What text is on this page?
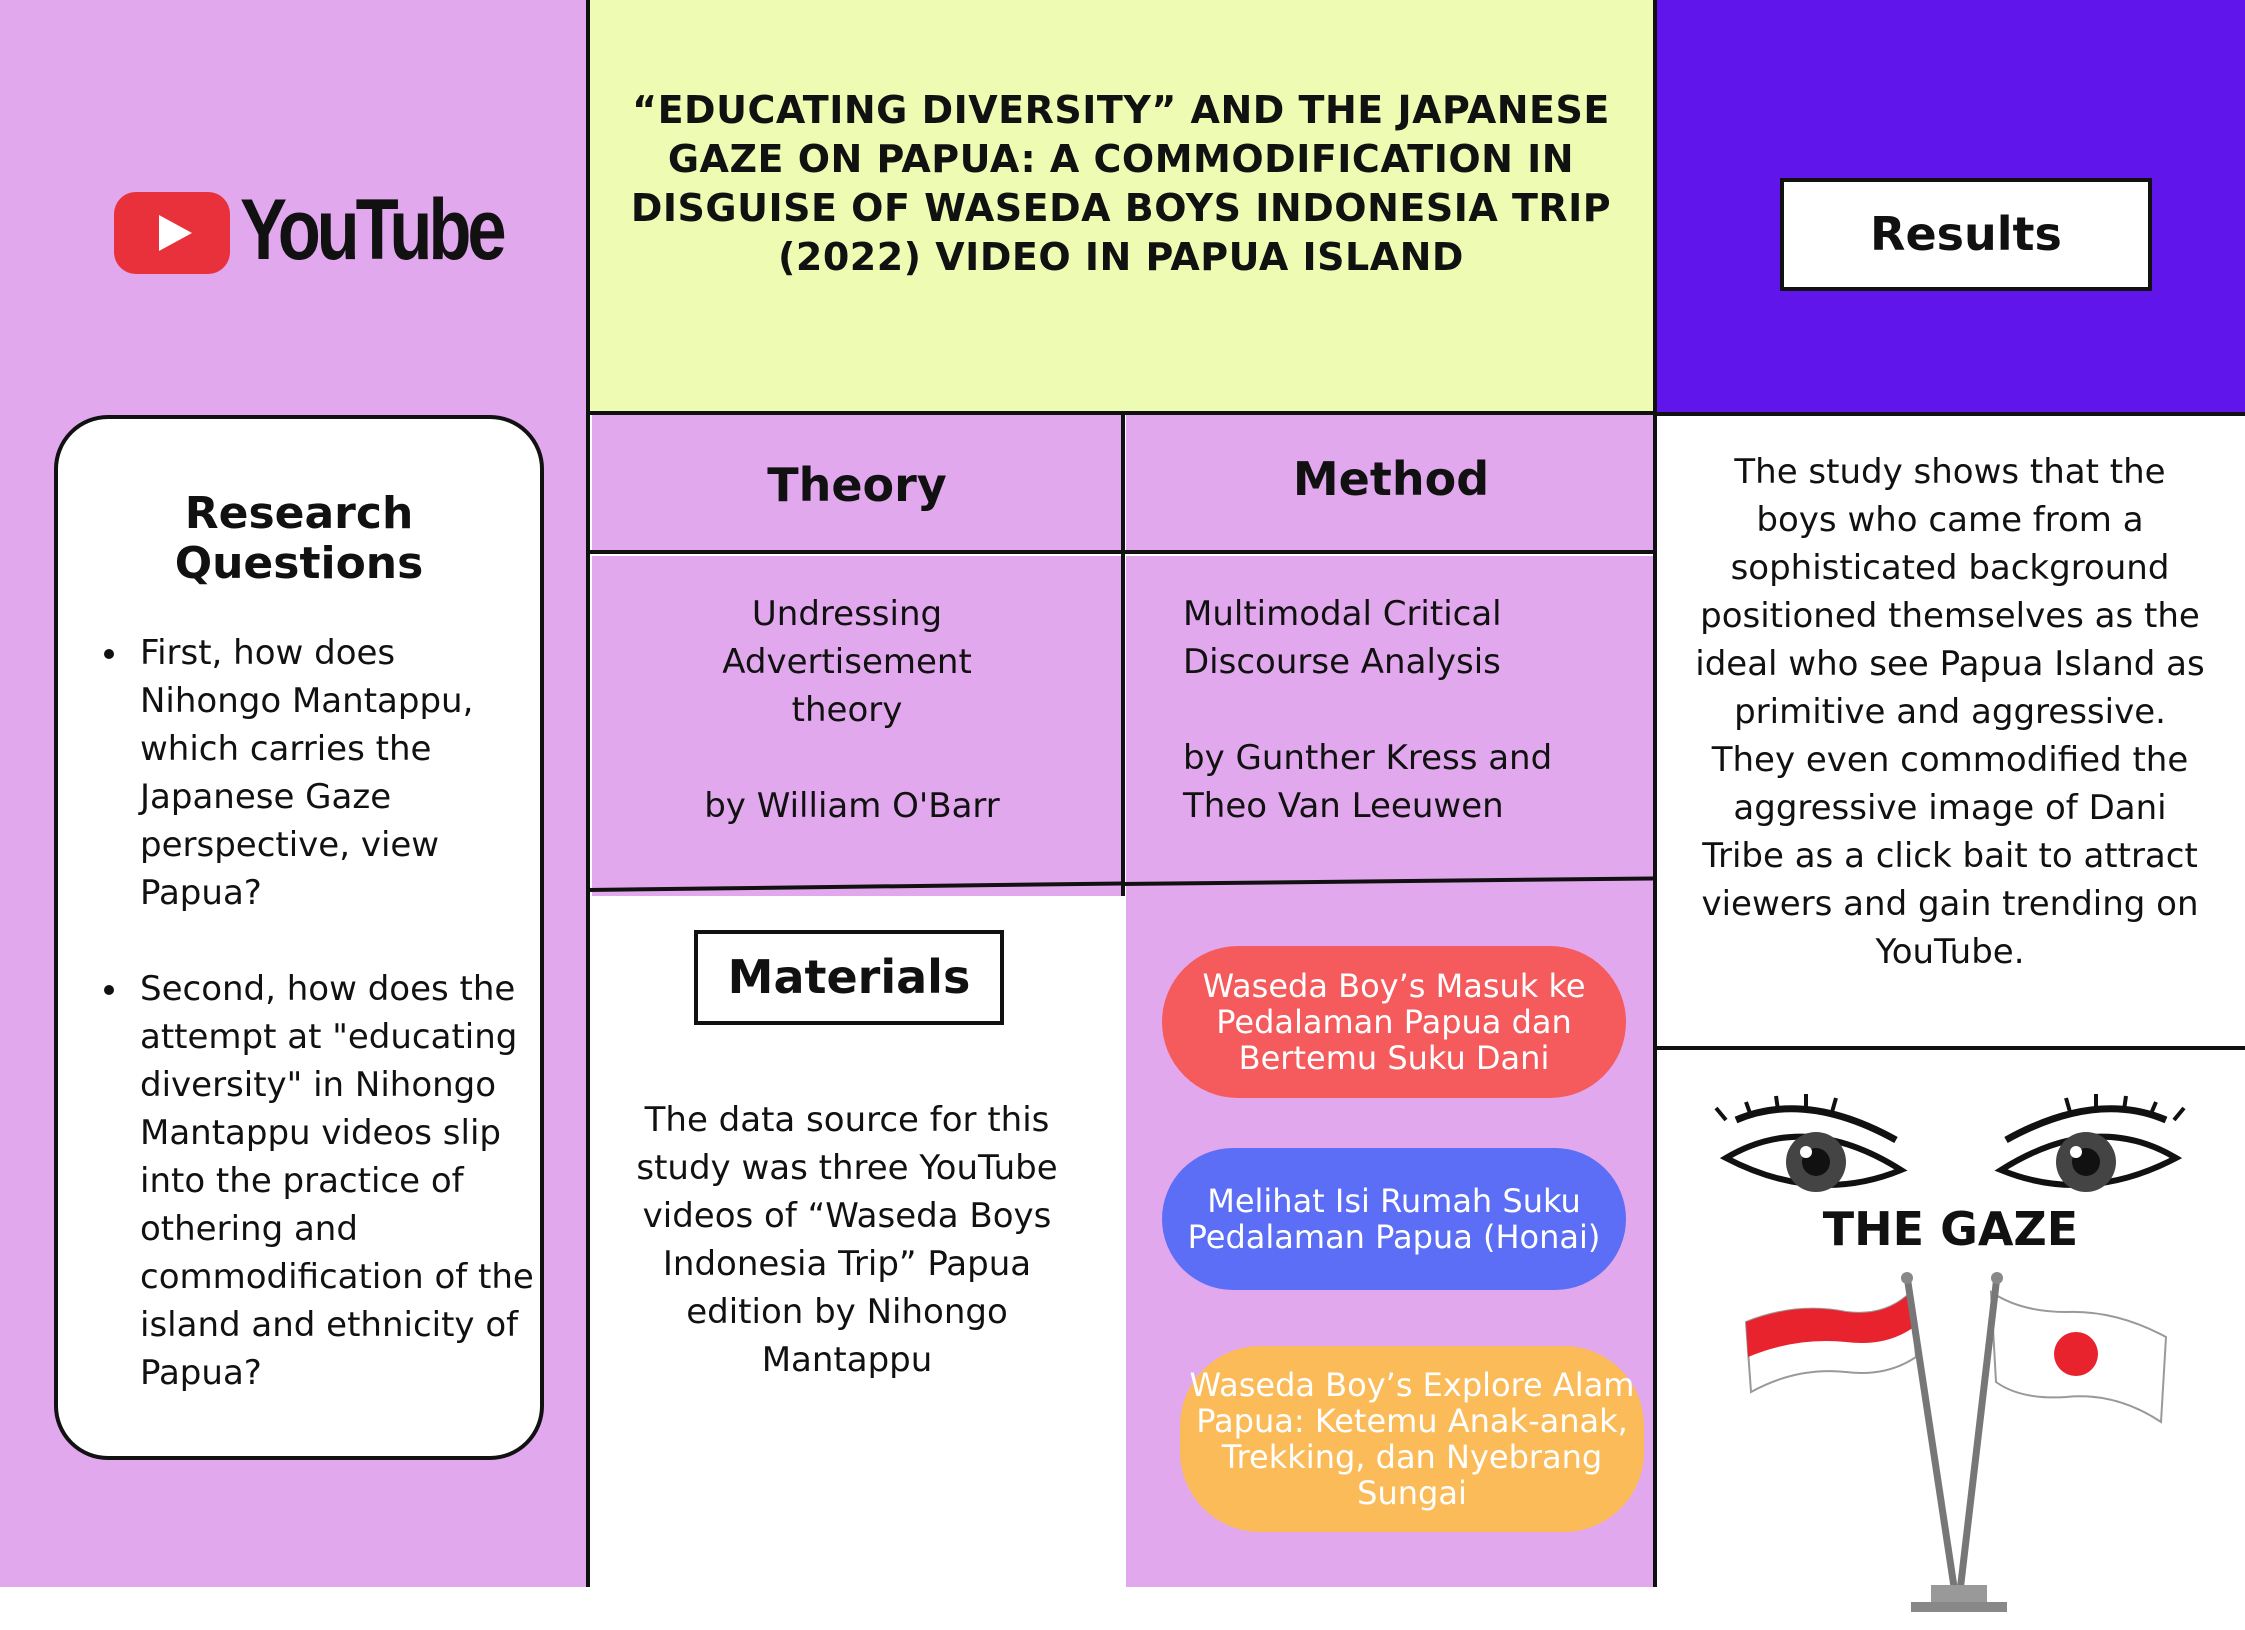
YouTube
Research Questions
First, how does Nihongo Mantappu, which carries the Japanese Gaze perspective, view Papua?
Second, how does the attempt at "educating diversity" in Nihongo Mantappu videos slip into the practice of othering and commodification of the island and ethnicity of Papua?
“EDUCATING DIVERSITY” AND THE JAPANESE GAZE ON PAPUA: A COMMODIFICATION IN DISGUISE OF WASEDA BOYS INDONESIA TRIP (2022) VIDEO IN PAPUA ISLAND
Theory	Method
Undressing Advertisement theory
by William O'Barr
Multimodal Critical Discourse Analysis
by Gunther Kress and Theo Van Leeuwen
Materials
The data source for this study was three YouTube videos of “Waseda Boys Indonesia Trip” Papua edition by Nihongo Mantappu
Waseda Boy’s Masuk ke Pedalaman Papua dan Bertemu Suku Dani
Melihat Isi Rumah Suku Pedalaman Papua (Honai)
Waseda Boy’s Explore Alam Papua: Ketemu Anak-anak, Trekking, dan Nyebrang Sungai
Results
The study shows that the boys who came from a sophisticated background positioned themselves as the ideal who see Papua Island as primitive and aggressive. They even commodified the aggressive image of Dani Tribe as a click bait to attract viewers and gain trending on YouTube.
THE GAZE
